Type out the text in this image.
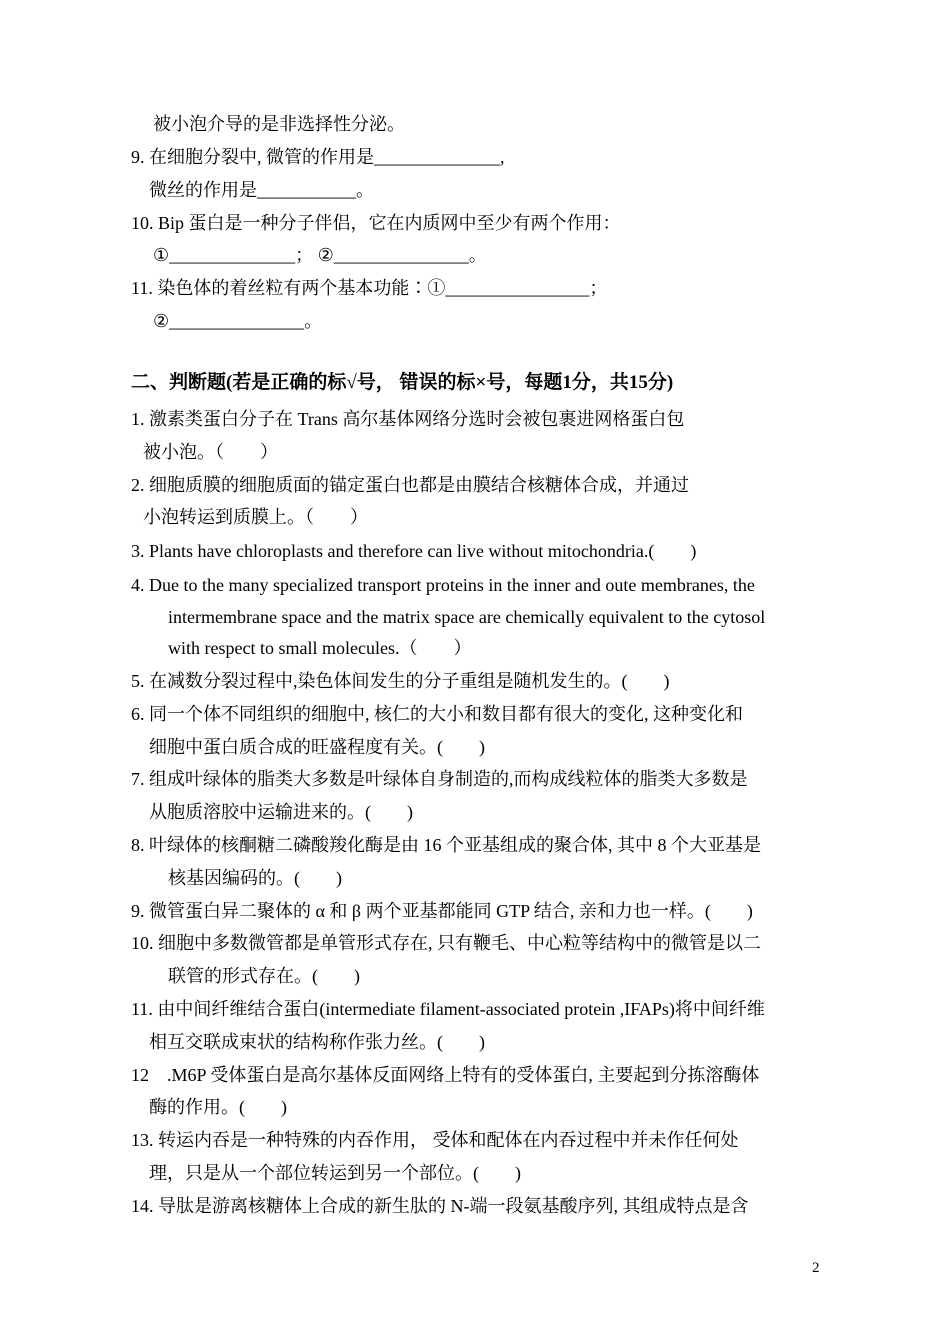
被小泡介导的是非选择性分泌。
9. 在细胞分裂中, 微管的作用是______________,
微丝的作用是___________。
10. Bip 蛋白是一种分子伴侣，它在内质网中至少有两个作用：
①______________； ②_______________。
11. 染色体的着丝粒有两个基本功能∶①________________；
②_______________。
二、判断题(若是正确的标√号， 错误的标×号，每题1分，共15分)
1. 激素类蛋白分子在 Trans 高尔基体网络分选时会被包裹进网格蛋白包
被小泡。（　　）
2. 细胞质膜的细胞质面的锚定蛋白也都是由膜结合核糖体合成，并通过
小泡转运到质膜上。（　　）
3. Plants have chloroplasts and therefore can live without mitochondria.(　　)
4. Due to the many specialized transport proteins in the inner and oute membranes, the
intermembrane space and the matrix space are chemically equivalent to the cytosol
with respect to small molecules.（　　）
5. 在减数分裂过程中,染色体间发生的分子重组是随机发生的。(　　)
6. 同一个体不同组织的细胞中, 核仁的大小和数目都有很大的变化, 这种变化和
细胞中蛋白质合成的旺盛程度有关。(　　)
7. 组成叶绿体的脂类大多数是叶绿体自身制造的,而构成线粒体的脂类大多数是
从胞质溶胶中运输进来的。(　　)
8. 叶绿体的核酮糖二磷酸羧化酶是由 16 个亚基组成的聚合体, 其中 8 个大亚基是
核基因编码的。(　　)
9. 微管蛋白异二聚体的 α 和 β 两个亚基都能同 GTP 结合, 亲和力也一样。(　　)
10. 细胞中多数微管都是单管形式存在, 只有鞭毛、中心粒等结构中的微管是以二
联管的形式存在。(　　)
11. 由中间纤维结合蛋白(intermediate filament-associated protein ,IFAPs)将中间纤维
相互交联成束状的结构称作张力丝。(　　)
12　.M6P 受体蛋白是高尔基体反面网络上特有的受体蛋白, 主要起到分拣溶酶体
酶的作用。(　　)
13. 转运内吞是一种特殊的内吞作用， 受体和配体在内吞过程中并未作任何处
理，只是从一个部位转运到另一个部位。(　　)
14. 导肽是游离核糖体上合成的新生肽的 N-端一段氨基酸序列, 其组成特点是含
2
